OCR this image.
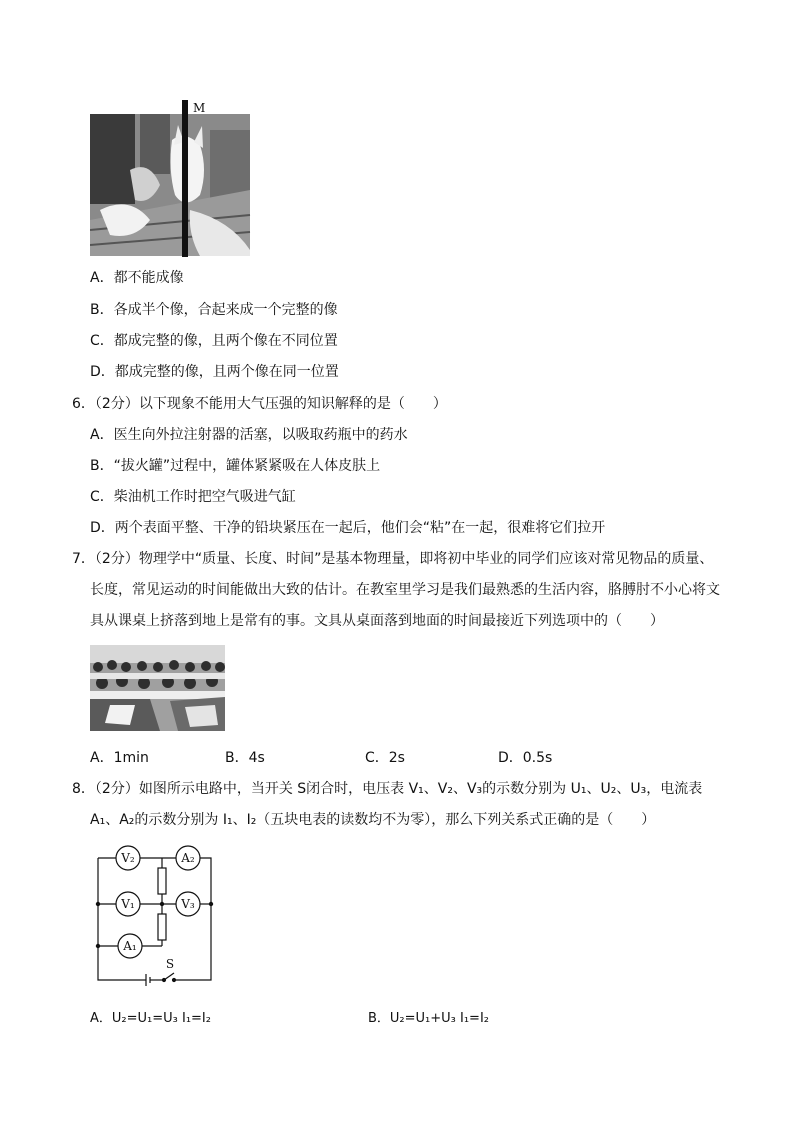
M
A．都不能成像
B．各成半个像，合起来成一个完整的像
C．都成完整的像，且两个像在不同位置
D．都成完整的像，且两个像在同一位置
6．（2分）以下现象不能用大气压强的知识解释的是（　　）
A．医生向外拉注射器的活塞，以吸取药瓶中的药水
B．“拔火罐”过程中，罐体紧紧吸在人体皮肤上
C．柴油机工作时把空气吸进气缸
D．两个表面平整、干净的铅块紧压在一起后，他们会“粘”在一起，很难将它们拉开
7．（2分）物理学中“质量、长度、时间”是基本物理量，即将初中毕业的同学们应该对常见物品的质量、
长度，常见运动的时间能做出大致的估计。在教室里学习是我们最熟悉的生活内容，胳膊肘不小心将文
具从课桌上挤落到地上是常有的事。文具从桌面落到地面的时间最接近下列选项中的（　　）
A．1min	B．4s	C．2s	D．0.5s
8．（2分）如图所示电路中，当开关 S闭合时，电压表 V₁、V₂、V₃的示数分别为 U₁、U₂、U₃，电流表
A₁、A₂的示数分别为 I₁、I₂（五块电表的读数均不为零），那么下列关系式正确的是（　　）
V₂	A₂
V₁	V₃
A₁
S
A．U₂=U₁=U₃ I₁=I₂	B．U₂=U₁+U₃ I₁=I₂
